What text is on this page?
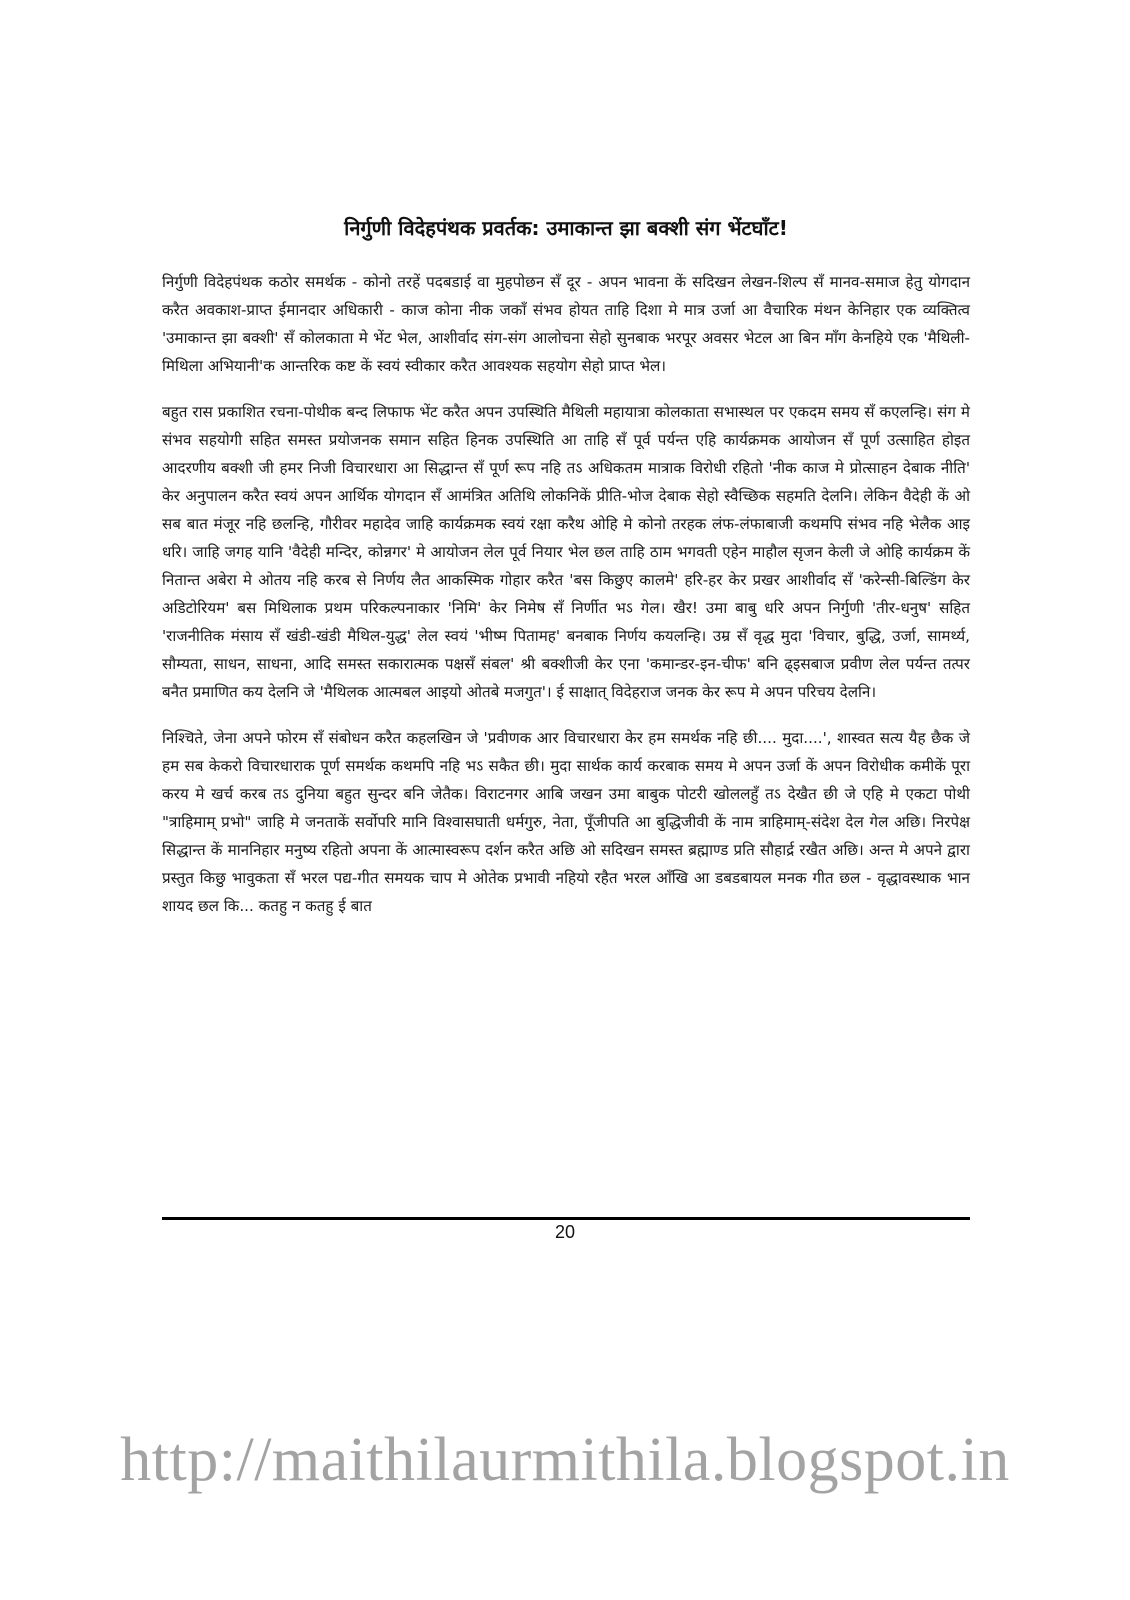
निर्गुणी विदेहपंथक प्रवर्तक: उमाकान्त झा बक्शी संग भेंटघाँट!

निर्गुणी विदेहपंथक कठोर समर्थक - कोनो तरहें पदबडाई वा मुहपोछन सँ दूर - अपन भावना कें सदिखन लेखन-शिल्प सँ मानव-समाज हेतु योगदान करैत अवकाश-प्राप्त ईमानदार अधिकारी - काज कोना नीक जकाँ संभव होयत ताहि दिशा मे मात्र उर्जा आ वैचारिक मंथन केनिहार एक व्यक्तित्व 'उमाकान्त झा बक्शी' सँ कोलकाता मे भेंट भेल, आशीर्वाद संग-संग आलोचना सेहो सुनबाक भरपूर अवसर भेटल आ बिन माँग केनहिये एक 'मैथिली-मिथिला अभियानी'क आन्तरिक कष्ट कें स्वयं स्वीकार करैत आवश्यक सहयोग सेहो प्राप्त भेल।

बहुत रास प्रकाशित रचना-पोथीक बन्द लिफाफ भेंट करैत अपन उपस्थिति मैथिली महायात्रा कोलकाता सभास्थल पर एकदम समय सँ कएलन्हि। संग मे संभव सहयोगी सहित समस्त प्रयोजनक समान सहित हिनक उपस्थिति आ ताहि सँ पूर्व पर्यन्त एहि कार्यक्रमक आयोजन सँ पूर्ण उत्साहित होइत आदरणीय बक्शी जी हमर निजी विचारधारा आ सिद्धान्त सँ पूर्ण रूप नहि तऽ अधिकतम मात्राक विरोधी रहितो 'नीक काज मे प्रोत्साहन देबाक नीति' केर अनुपालन करैत स्वयं अपन आर्थिक योगदान सँ आमंत्रित अतिथि लोकनिकें प्रीति-भोज देबाक सेहो स्वैच्छिक सहमति देलनि। लेकिन वैदेही कें ओ सब बात मंजूर नहि छलन्हि, गौरीवर महादेव जाहि कार्यक्रमक स्वयं रक्षा करैथ ओहि मे कोनो तरहक लंफ-लंफाबाजी कथमपि संभव नहि भेलैक आइ धरि। जाहि जगह यानि 'वैदेही मन्दिर, कोन्नगर' मे आयोजन लेल पूर्व नियार भेल छल ताहि ठाम भगवती एहेन माहौल सृजन केली जे ओहि कार्यक्रम कें नितान्त अबेरा मे ओतय नहि करब से निर्णय लैत आकस्मिक गोहार करैत 'बस किछुए कालमे' हरि-हर केर प्रखर आशीर्वाद सँ 'करेन्सी-बिल्डिंग केर अडिटोरियम' बस मिथिलाक प्रथम परिकल्पनाकार 'निमि' केर निमेष सँ निर्णीत भऽ गेल। खैर! उमा बाबु धरि अपन निर्गुणी 'तीर-धनुष' सहित 'राजनीतिक मंसाय सँ खंडी-खंडी मैथिल-युद्ध' लेल स्वयं 'भीष्म पितामह' बनबाक निर्णय कयलन्हि। उम्र सँ वृद्ध मुदा 'विचार, बुद्धि, उर्जा, सामर्थ्य, सौम्यता, साधन, साधना, आदि समस्त सकारात्मक पक्षसँ संबल' श्री बक्शीजी केर एना 'कमान्डर-इन-चीफ' बनि ढ्इसबाज प्रवीण लेल पर्यन्त तत्पर बनैत प्रमाणित कय देलनि जे 'मैथिलक आत्मबल आइयो ओतबे मजगुत'। ई साक्षात् विदेहराज जनक केर रूप मे अपन परिचय देलनि।

निश्चिते, जेना अपने फोरम सँ संबोधन करैत कहलखिन जे 'प्रवीणक आर विचारधारा केर हम समर्थक नहि छी.... मुदा....', शास्वत सत्य यैह छैक जे हम सब केकरो विचारधाराक पूर्ण समर्थक कथमपि नहि भऽ सकैत छी। मुदा सार्थक कार्य करबाक समय मे अपन उर्जा कें अपन विरोधीक कमीकें पूरा करय मे खर्च करब तऽ दुनिया बहुत सुन्दर बनि जेतैक। विराटनगर आबि जखन उमा बाबुक पोटरी खोललहुँ तऽ देखैत छी जे एहि मे एकटा पोथी "त्राहिमाम् प्रभो" जाहि मे जनताकें सर्वोपरि मानि विश्वासघाती धर्मगुरु, नेता, पूँजीपति आ बुद्धिजीवी कें नाम त्राहिमाम्-संदेश देल गेल अछि। निरपेक्ष सिद्धान्त कें माननिहार मनुष्य रहितो अपना कें आत्मास्वरूप दर्शन करैत अछि ओ सदिखन समस्त ब्रह्माण्ड प्रति सौहार्द्र रखैत अछि। अन्त मे अपने द्वारा प्रस्तुत किछु भावुकता सँ भरल पद्य-गीत समयक चाप मे ओतेक प्रभावी नहियो रहैत भरल आँखि आ डबडबायल मनक गीत छल - वृद्धावस्थाक भान शायद छल कि... कतहु न कतहु ई बात

20
http://maithilaurmithila.blogspot.in
